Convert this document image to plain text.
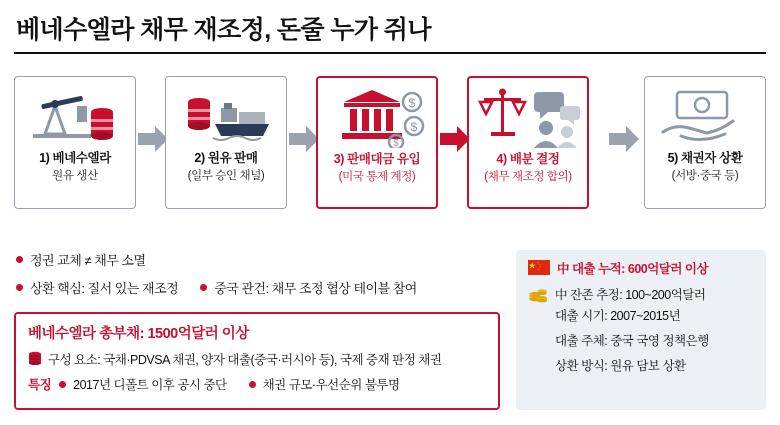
베네수엘라 채무 재조정, 돈줄 누가 쥐나
1) 베네수엘라
원유 생산
2) 원유 판매
(일부 승인 채널)
$
$
$
3) 판매대금 유입
(미국 통제 계정)
4) 배분 결정
(채무 재조정 합의)
5) 채권자 상환
(서방·중국 등)
정권 교체 ≠ 채무 소멸
상환 핵심: 질서 있는 재조정	중국 관건: 채무 조정 협상 테이블 참여
베네수엘라 총부채: 1500억달러 이상
구성 요소: 국채·PDVSA 채권, 양자 대출(중국·러시아 등), 국제 중재 판정 채권
특징 2017년 디폴트 이후 공시 중단	채권 규모·우선순위 불투명
中 대출 누적: 600억달러 이상
中 잔존 추정: 100~200억달러
대출 시기: 2007~2015년
대출 주체: 중국 국영 정책은행
상환 방식: 원유 담보 상환
